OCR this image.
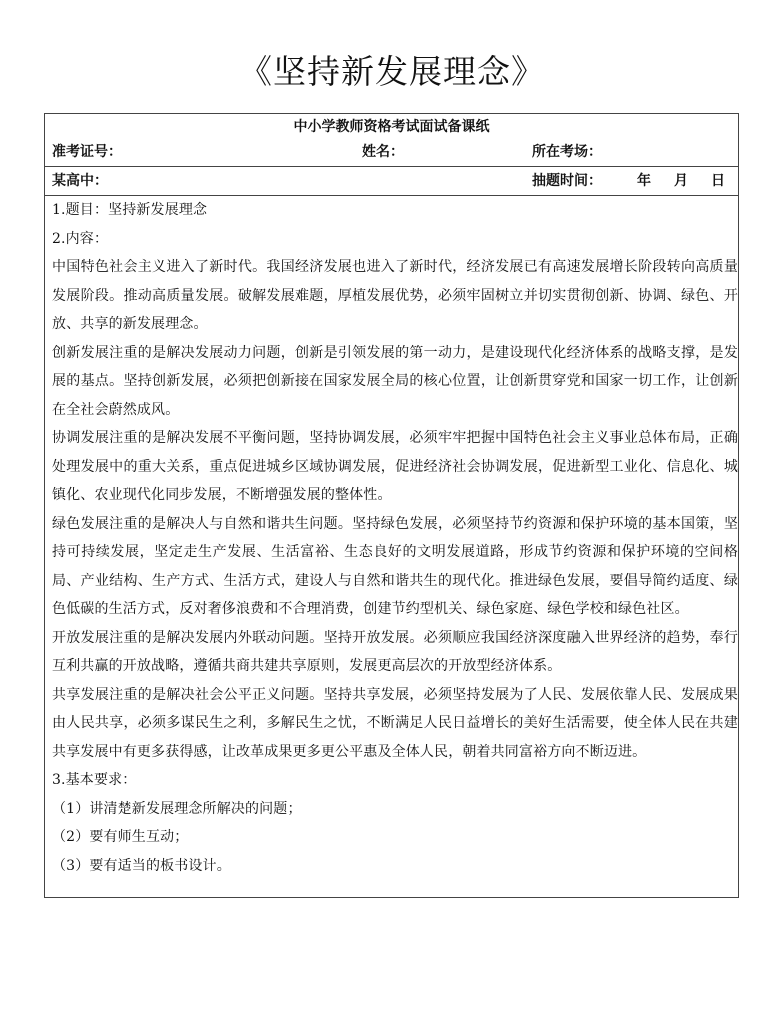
《坚持新发展理念》
中小学教师资格考试面试备课纸
准考证号：	姓名：	所在考场：
某高中：	抽题时间：	年 月 日

1.题目：坚持新发展理念

2.内容：

中国特色社会主义进入了新时代。我国经济发展也进入了新时代，经济发展已有高速发展增长阶段转向高质量发展阶段。推动高质量发展。破解发展难题，厚植发展优势，必须牢固树立并切实贯彻创新、协调、绿色、开放、共享的新发展理念。

创新发展注重的是解决发展动力问题，创新是引领发展的第一动力，是建设现代化经济体系的战略支撑，是发展的基点。坚持创新发展，必须把创新接在国家发展全局的核心位置，让创新贯穿党和国家一切工作，让创新在全社会蔚然成风。

协调发展注重的是解决发展不平衡问题，坚持协调发展，必须牢牢把握中国特色社会主义事业总体布局，正确处理发展中的重大关系，重点促进城乡区域协调发展，促进经济社会协调发展，促进新型工业化、信息化、城镇化、农业现代化同步发展，不断增强发展的整体性。

绿色发展注重的是解决人与自然和谐共生问题。坚持绿色发展，必须坚持节约资源和保护环境的基本国策，坚持可持续发展，坚定走生产发展、生活富裕、生态良好的文明发展道路，形成节约资源和保护环境的空间格局、产业结构、生产方式、生活方式，建设人与自然和谐共生的现代化。推进绿色发展，要倡导简约适度、绿色低碳的生活方式，反对奢侈浪费和不合理消费，创建节约型机关、绿色家庭、绿色学校和绿色社区。

开放发展注重的是解决发展内外联动问题。坚持开放发展。必须顺应我国经济深度融入世界经济的趋势，奉行互利共赢的开放战略，遵循共商共建共享原则，发展更高层次的开放型经济体系。

共享发展注重的是解决社会公平正义问题。坚持共享发展，必须坚持发展为了人民、发展依靠人民、发展成果由人民共享，必须多谋民生之利，多解民生之忧，不断满足人民日益增长的美好生活需要，使全体人民在共建共享发展中有更多获得感，让改革成果更多更公平惠及全体人民，朝着共同富裕方向不断迈进。

3.基本要求：

（1）讲清楚新发展理念所解决的问题；

（2）要有师生互动；

（3）要有适当的板书设计。
